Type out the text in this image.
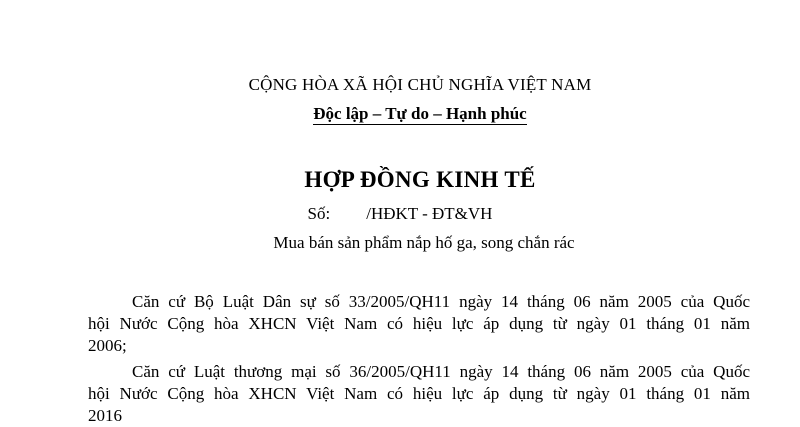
CỘNG HÒA XÃ HỘI CHỦ NGHĨA VIỆT NAM
Độc lập – Tự do – Hạnh phúc
HỢP ĐỒNG KINH TẾ
Số: /HĐKT - ĐT&VH
Mua bán sản phẩm nắp hố ga, song chắn rác
Căn cứ Bộ Luật Dân sự số 33/2005/QH11 ngày 14 tháng 06 năm 2005 của Quốc
hội Nước Cộng hòa XHCN Việt Nam có hiệu lực áp dụng từ ngày 01 tháng 01 năm
2006;
Căn cứ Luật thương mại số 36/2005/QH11 ngày 14 tháng 06 năm 2005 của Quốc
hội Nước Cộng hòa XHCN Việt Nam có hiệu lực áp dụng từ ngày 01 tháng 01 năm
2016
